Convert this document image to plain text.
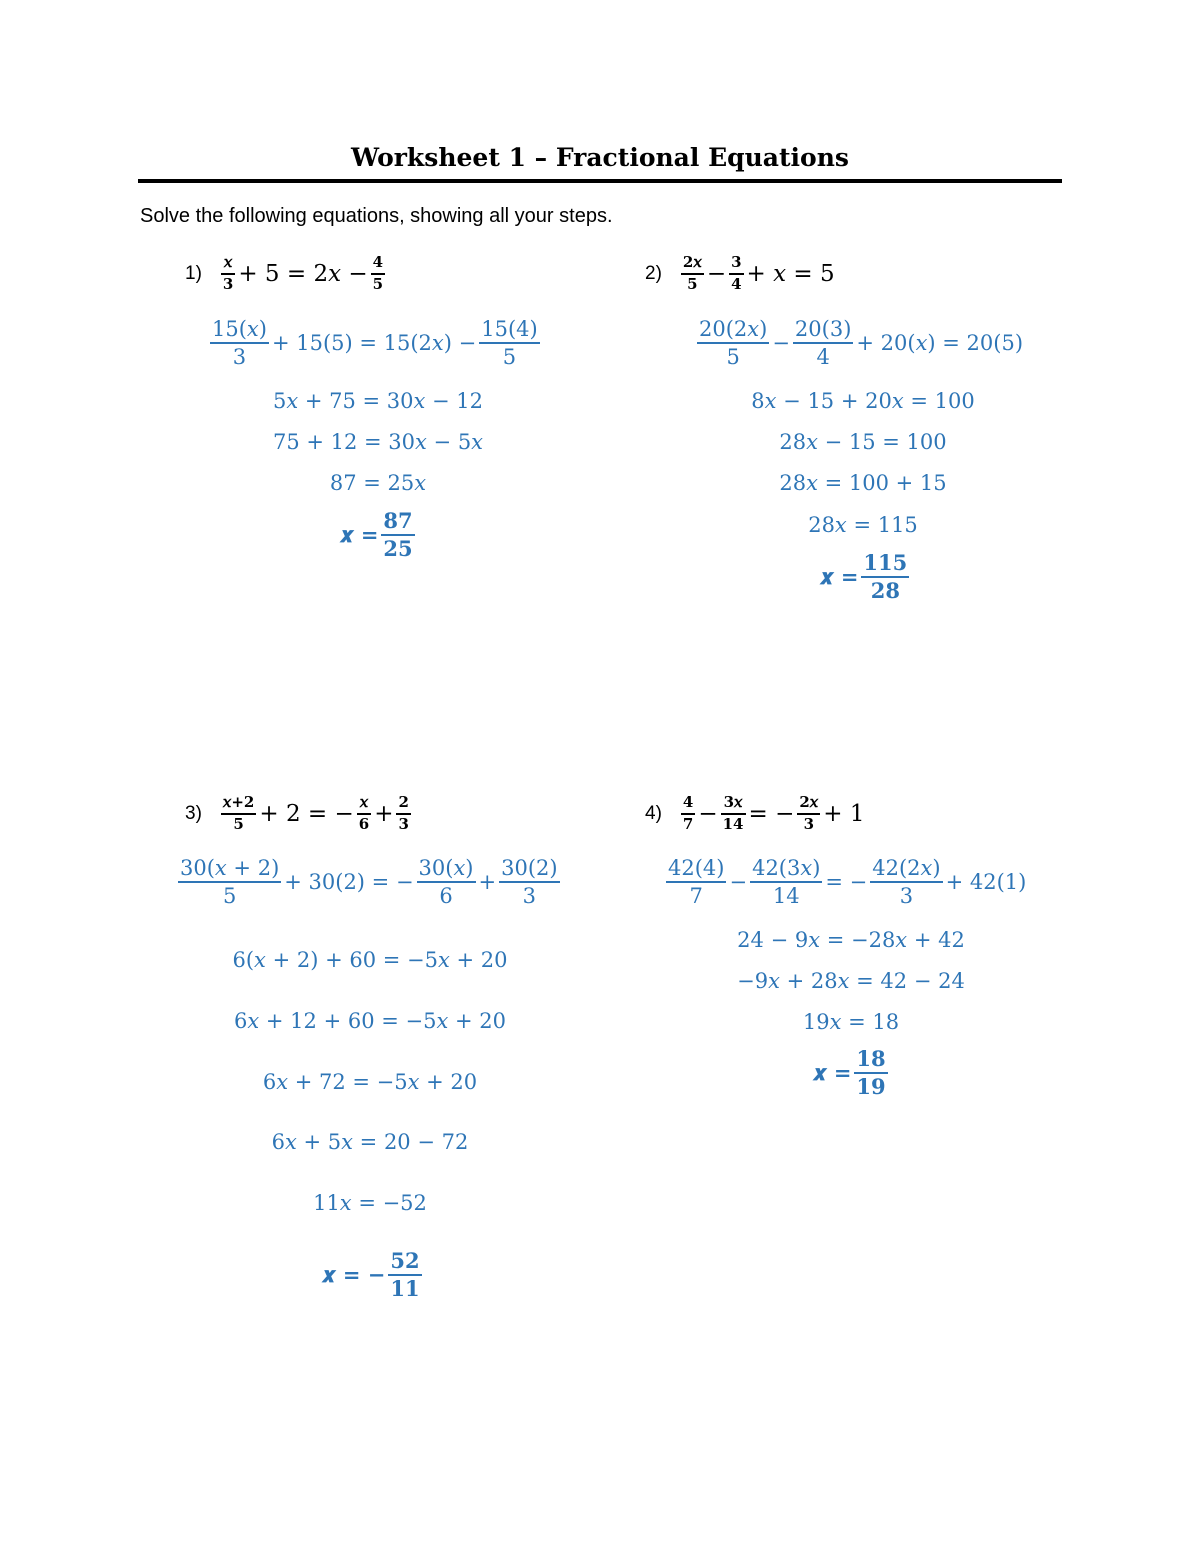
Worksheet 1 – Fractional Equations
Solve the following equations, showing all your steps.
$1) \frac{\text{𝑥}}{3} + 5$ = 2𝑥 − $\frac{4}{5}$
$\frac{\text{15(𝑥)}}{3} + 15(5)$ = 15(2𝑥) − $\frac{15(4)}{5}$
5𝑥 + 75 = 30𝑥 − 12
75 + 12 = 30𝑥 − 5𝑥
87 = 25𝑥
𝒙 = $\frac{87}{25}$
$2) \frac{\text{2𝑥}}{5} - \frac{3}{4}$ + 𝑥 = 5
$\frac{\text{20(2𝑥)}}{5} - \frac{20(3)}{4}$ + 20(𝑥) = 20(5)
8𝑥 − 15 + 20𝑥 = 100
28𝑥 − 15 = 100
28𝑥 = 100 + 15
28𝑥 = 115
𝒙 = $\frac{115}{28}$
$3) \frac{\text{𝑥+2}}{5} + 2$ = − $\frac{\text{𝑥}}{6} + \frac{2}{3}$
$\frac{\text{30(𝑥 + 2)}}{5} + 30(2)$ = − $\frac{\text{30(𝑥)}}{6} + \frac{30(2)}{3}$
6(𝑥 + 2) + 60 = −5𝑥 + 20
6𝑥 + 12 + 60 = −5𝑥 + 20
6𝑥 + 72 = −5𝑥 + 20
6𝑥 + 5𝑥 = 20 − 72
11𝑥 = −52
𝒙 = − $\frac{52}{11}$
$4) \frac{4}{7} - \frac{\text{3𝑥}}{14}$ = − $\frac{\text{2𝑥}}{3} + 1$
$\frac{42(4)}{7} - \frac{\text{42(3𝑥)}}{14}$ = − $\frac{\text{42(2𝑥)}}{3} + 42(1)$
24 − 9𝑥 = −28𝑥 + 42
−9𝑥 + 28𝑥 = 42 − 24
19𝑥 = 18
𝒙 = $\frac{18}{19}$
